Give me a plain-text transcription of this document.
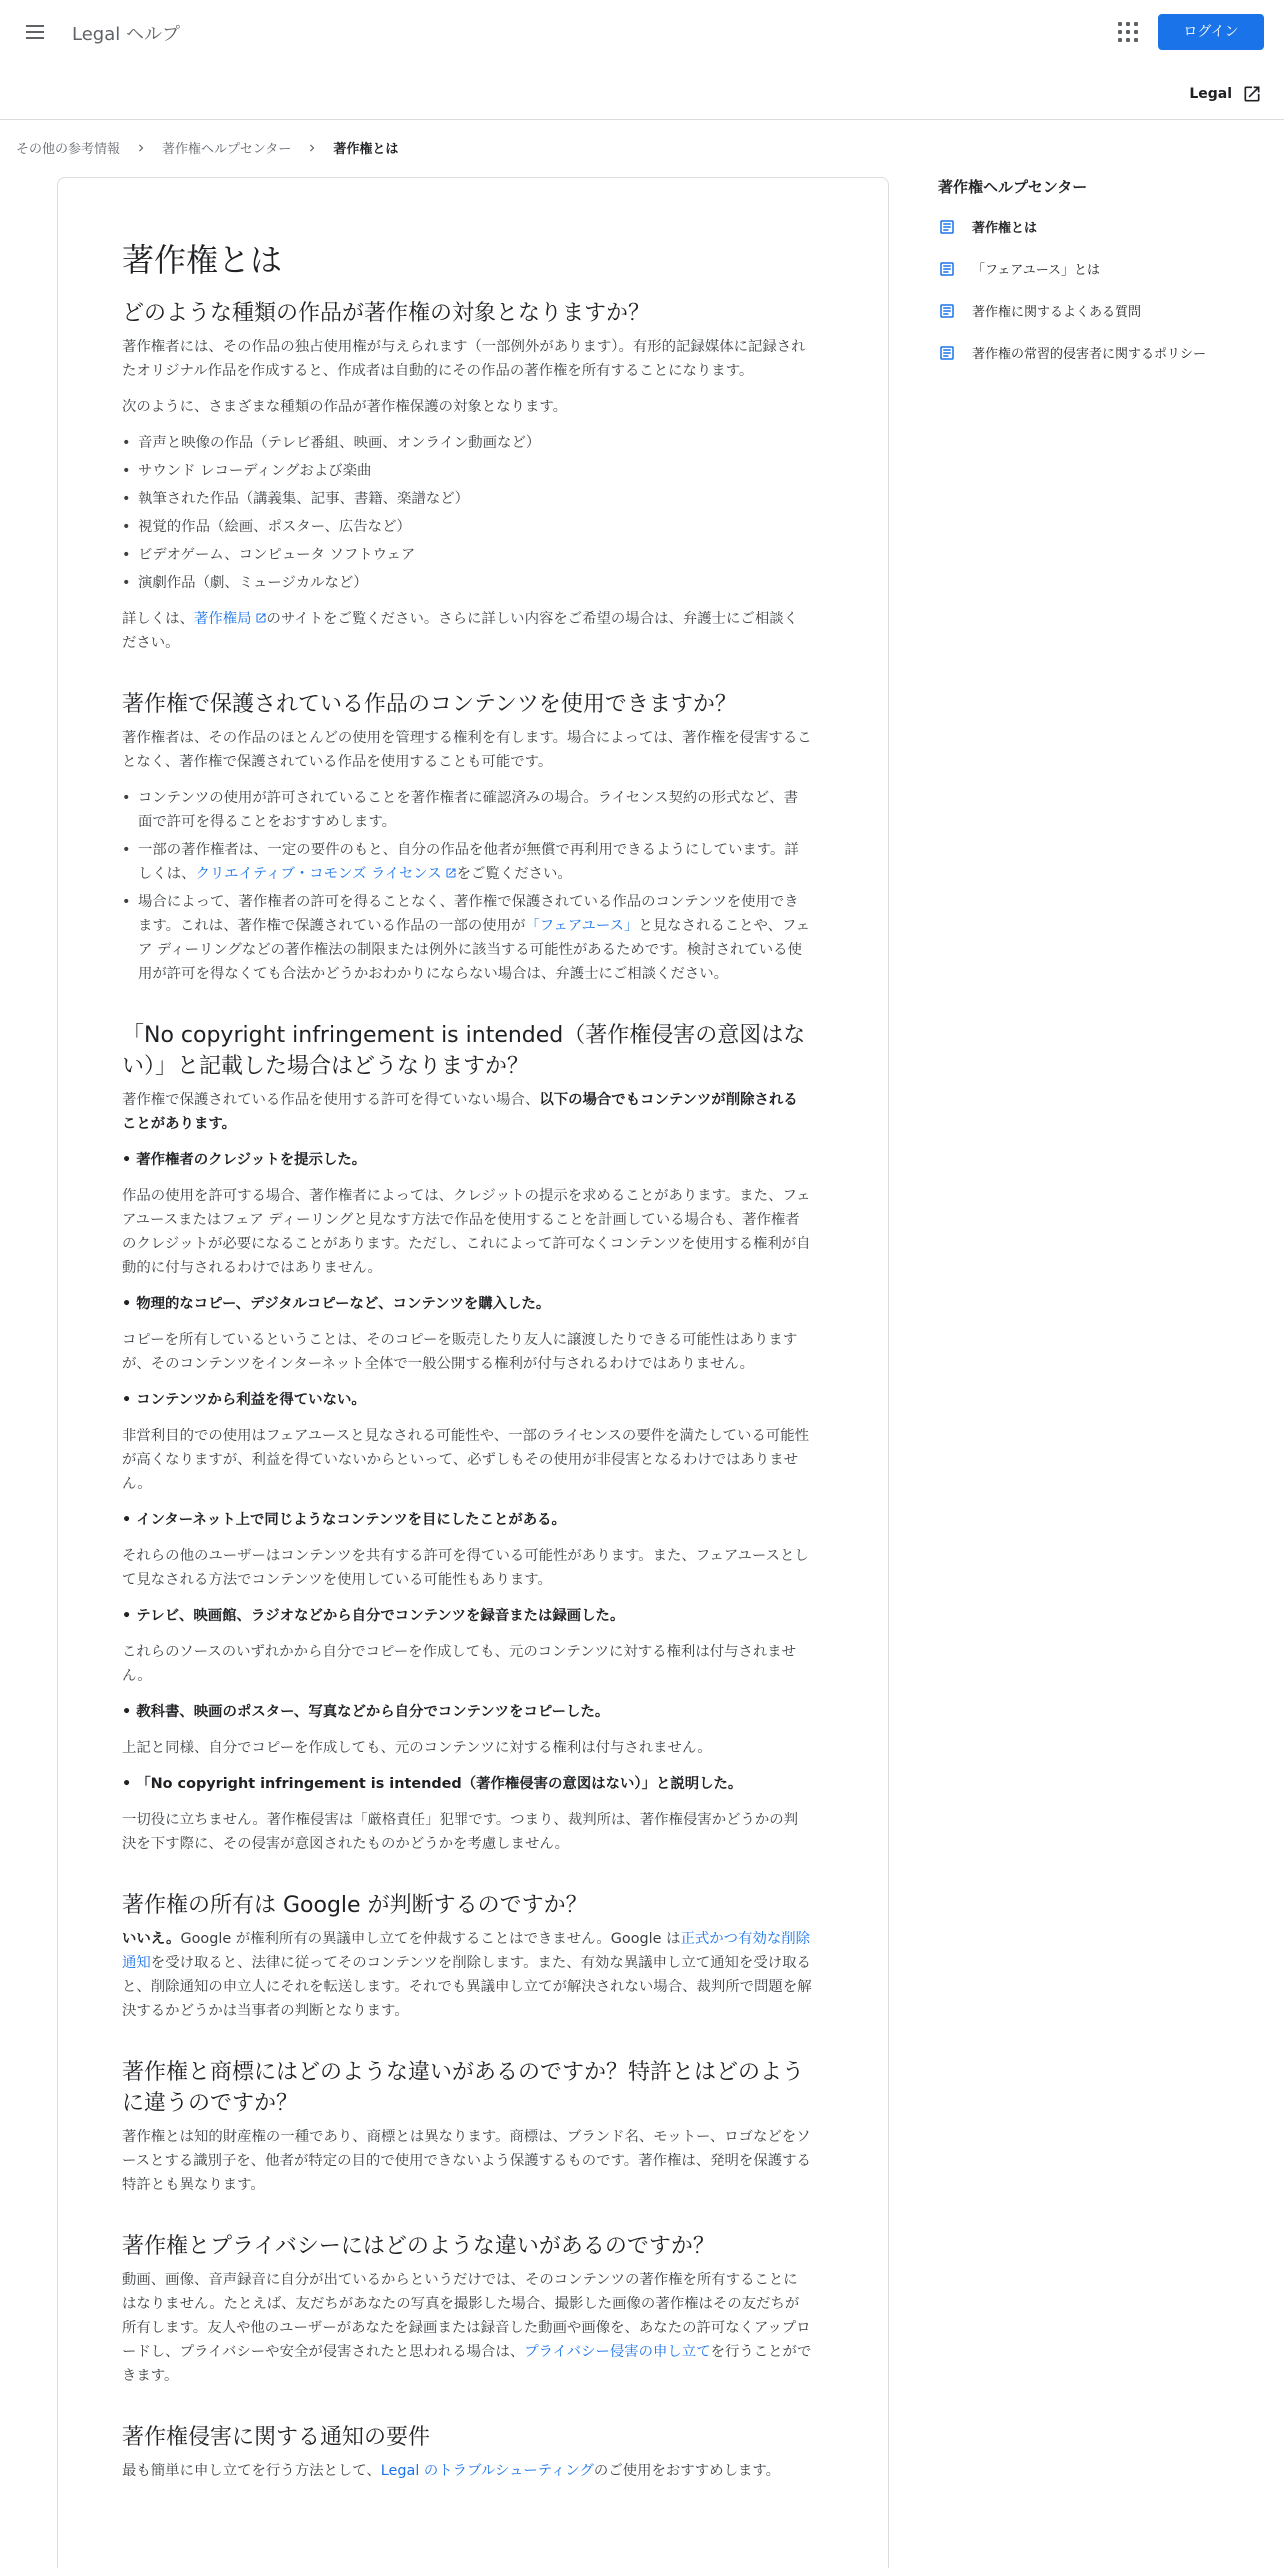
Legal ヘルプ	ログイン
Legal
その他の参考情報	著作権ヘルプセンター	著作権とは
著作権とは
どのような種類の作品が著作権の対象となりますか？

著作権者には、その作品の独占使用権が与えられます（一部例外があります）。有形的記録媒体に記録されたオリジナル作品を作成すると、作成者は自動的にその作品の著作権を所有することになります。

次のように、さまざまな種類の作品が著作権保護の対象となります。

• 音声と映像の作品（テレビ番組、映画、オンライン動画など）
• サウンド レコーディングおよび楽曲
• 執筆された作品（講義集、記事、書籍、楽譜など）
• 視覚的作品（絵画、ポスター、広告など）
• ビデオゲーム、コンピュータ ソフトウェア
• 演劇作品（劇、ミュージカルなど）

詳しくは、著作権局 のサイトをご覧ください。さらに詳しい内容をご希望の場合は、弁護士にご相談ください。

著作権で保護されている作品のコンテンツを使用できますか？

著作権者は、その作品のほとんどの使用を管理する権利を有します。場合によっては、著作権を侵害することなく、著作権で保護されている作品を使用することも可能です。

• コンテンツの使用が許可されていることを著作権者に確認済みの場合。ライセンス契約の形式など、書面で許可を得ることをおすすめします。
• 一部の著作権者は、一定の要件のもと、自分の作品を他者が無償で再利用できるようにしています。詳しくは、クリエイティブ・コモンズ ライセンス をご覧ください。
• 場合によって、著作権者の許可を得ることなく、著作権で保護されている作品のコンテンツを使用できます。これは、著作権で保護されている作品の一部の使用が「フェアユース」と見なされることや、フェア ディーリングなどの著作権法の制限または例外に該当する可能性があるためです。検討されている使用が許可を得なくても合法かどうかおわかりにならない場合は、弁護士にご相談ください。
「No copyright infringement is intended（著作権侵害の意図はない）」と記載した場合はどうなりますか？

著作権で保護されている作品を使用する許可を得ていない場合、以下の場合でもコンテンツが削除されることがあります。

• 著作権者のクレジットを提示した。

作品の使用を許可する場合、著作権者によっては、クレジットの提示を求めることがあります。また、フェアユースまたはフェア ディーリングと見なす方法で作品を使用することを計画している場合も、著作権者のクレジットが必要になることがあります。ただし、これによって許可なくコンテンツを使用する権利が自動的に付与されるわけではありません。

• 物理的なコピー、デジタルコピーなど、コンテンツを購入した。

コピーを所有しているということは、そのコピーを販売したり友人に譲渡したりできる可能性はありますが、そのコンテンツをインターネット全体で一般公開する権利が付与されるわけではありません。

• コンテンツから利益を得ていない。

非営利目的での使用はフェアユースと見なされる可能性や、一部のライセンスの要件を満たしている可能性が高くなりますが、利益を得ていないからといって、必ずしもその使用が非侵害となるわけではありません。

• インターネット上で同じようなコンテンツを目にしたことがある。

それらの他のユーザーはコンテンツを共有する許可を得ている可能性があります。また、フェアユースとして見なされる方法でコンテンツを使用している可能性もあります。

• テレビ、映画館、ラジオなどから自分でコンテンツを録音または録画した。

これらのソースのいずれかから自分でコピーを作成しても、元のコンテンツに対する権利は付与されません。

• 教科書、映画のポスター、写真などから自分でコンテンツをコピーした。

上記と同様、自分でコピーを作成しても、元のコンテンツに対する権利は付与されません。

• 「No copyright infringement is intended（著作権侵害の意図はない）」と説明した。

一切役に立ちません。著作権侵害は「厳格責任」犯罪です。つまり、裁判所は、著作権侵害かどうかの判決を下す際に、その侵害が意図されたものかどうかを考慮しません。

著作権の所有は Google が判断するのですか？

いいえ。Google が権利所有の異議申し立てを仲裁することはできません。Google は正式かつ有効な削除通知を受け取ると、法律に従ってそのコンテンツを削除します。また、有効な異議申し立て通知を受け取ると、削除通知の申立人にそれを転送します。それでも異議申し立てが解決されない場合、裁判所で問題を解決するかどうかは当事者の判断となります。

著作権と商標にはどのような違いがあるのですか？特許とはどのように違うのですか？

著作権とは知的財産権の一種であり、商標とは異なります。商標は、ブランド名、モットー、ロゴなどをソースとする識別子を、他者が特定の目的で使用できないよう保護するものです。著作権は、発明を保護する特許とも異なります。

著作権とプライバシーにはどのような違いがあるのですか？

動画、画像、音声録音に自分が出ているからというだけでは、そのコンテンツの著作権を所有することにはなりません。たとえば、友だちがあなたの写真を撮影した場合、撮影した画像の著作権はその友だちが所有します。友人や他のユーザーがあなたを録画または録音した動画や画像を、あなたの許可なくアップロードし、プライバシーや安全が侵害されたと思われる場合は、プライバシー侵害の申し立てを行うことができます。

著作権侵害に関する通知の要件

最も簡単に申し立てを行う方法として、Legal のトラブルシューティングのご使用をおすすめします。

著作権ヘルプセンター
著作権とは
「フェアユース」とは
著作権に関するよくある質問
著作権の常習的侵害者に関するポリシー
